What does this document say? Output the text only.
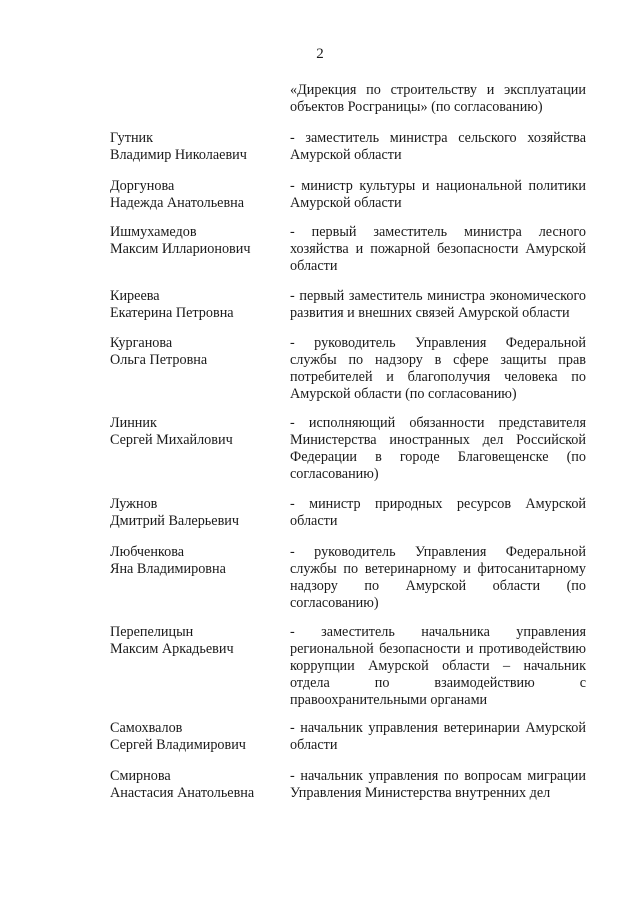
2
«Дирекция по строительству и эксплуатации объектов Росграницы» (по согласованию)
Гутник
Владимир Николаевич
- заместитель министра сельского хозяйства Амурской области
Доргунова
Надежда Анатольевна
- министр культуры и национальной политики Амурской области
Ишмухамедов
Максим Илларионович
- первый заместитель министра лесного хозяйства и пожарной безопасности Амурской области
Киреева
Екатерина Петровна
- первый заместитель министра экономического развития и внешних связей Амурской области
Курганова
Ольга Петровна
- руководитель Управления Федеральной службы по надзору в сфере защиты прав потребителей и благополучия человека по Амурской области (по согласованию)
Линник
Сергей Михайлович
- исполняющий обязанности представителя Министерства иностранных дел Российской Федерации в городе Благовещенске (по согласованию)
Лужнов
Дмитрий Валерьевич
- министр природных ресурсов Амурской области
Любченкова
Яна Владимировна
- руководитель Управления Федеральной службы по ветеринарному и фитосанитарному надзору по Амурской области (по согласованию)
Перепелицын
Максим Аркадьевич
- заместитель начальника управления региональной безопасности и противодействию коррупции Амурской области – начальник отдела по взаимодействию с правоохранительными органами
Самохвалов
Сергей Владимирович
- начальник управления ветеринарии Амурской области
Смирнова
Анастасия Анатольевна
- начальник управления по вопросам миграции Управления Министерства внутренних дел
